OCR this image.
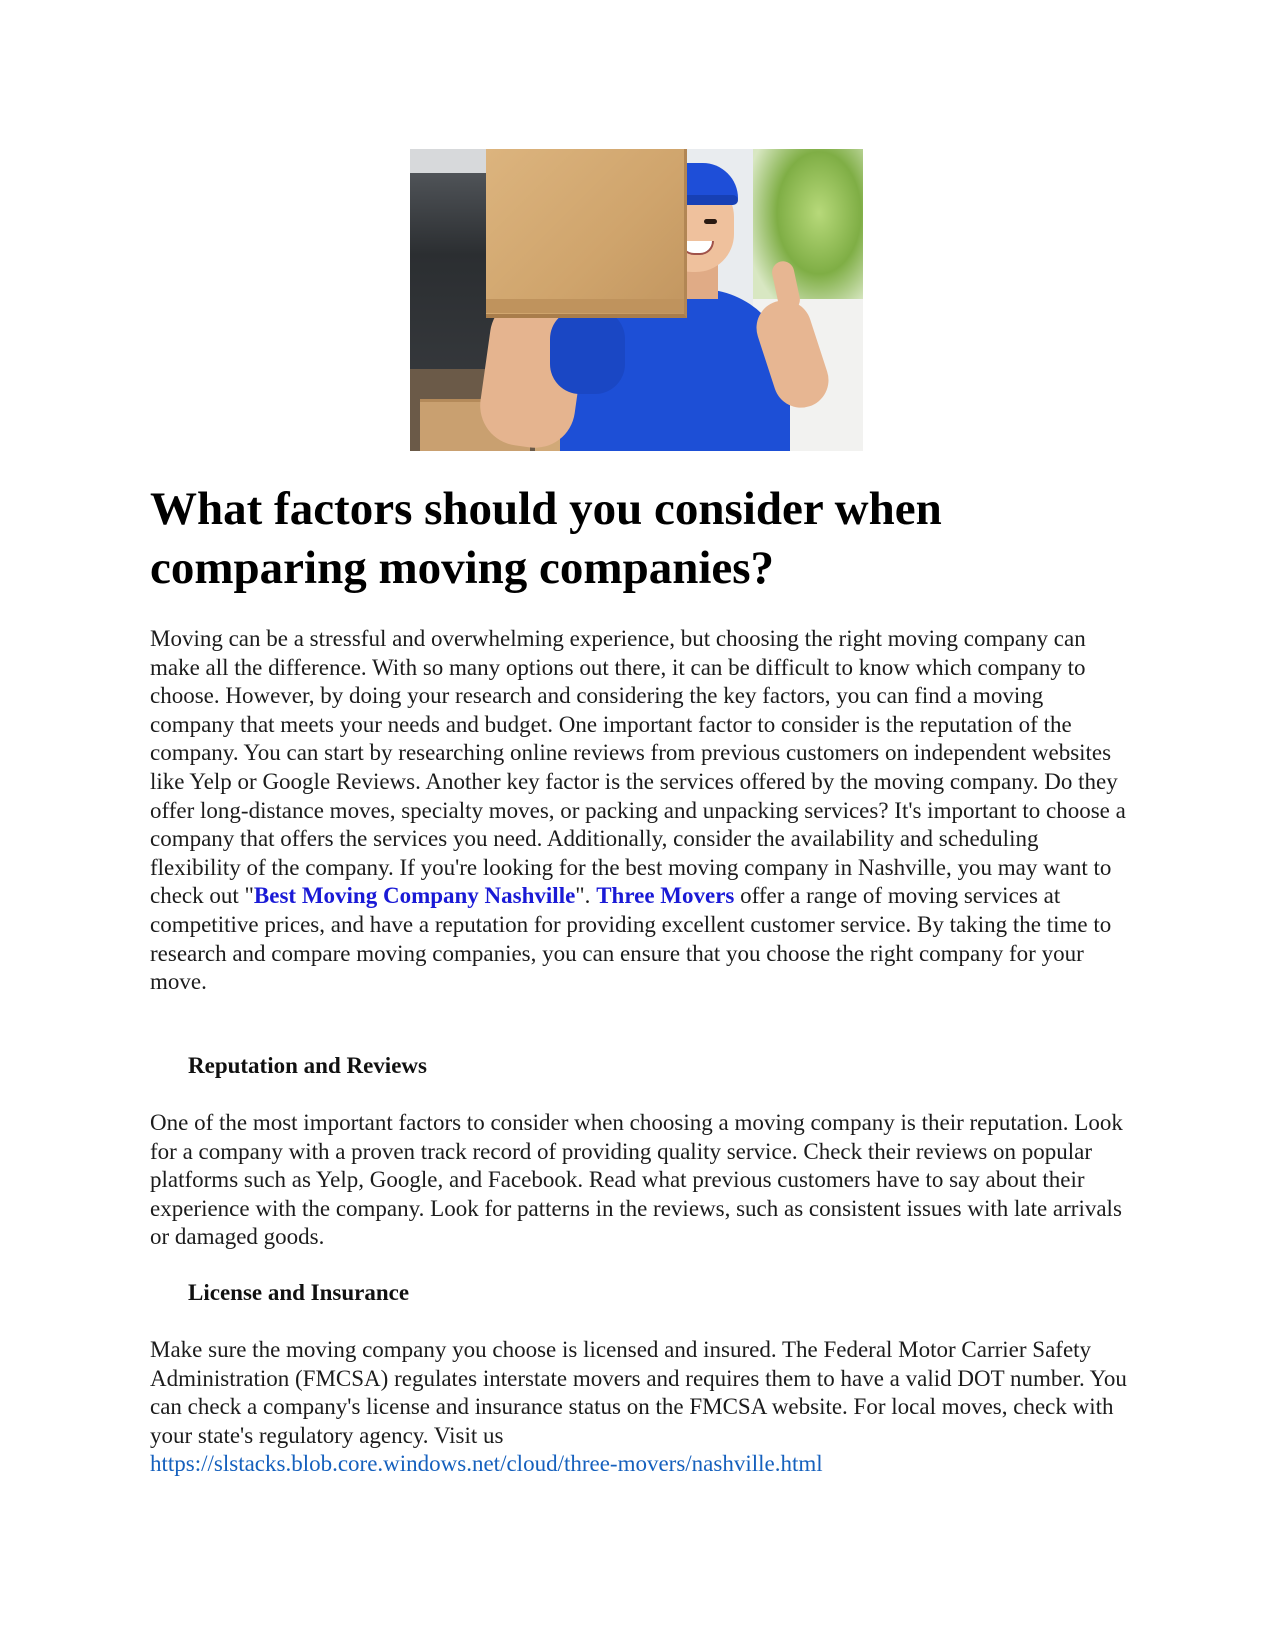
What factors should you consider when comparing moving companies?

Moving can be a stressful and overwhelming experience, but choosing the right moving company can make all the difference. With so many options out there, it can be difficult to know which company to choose. However, by doing your research and considering the key factors, you can find a moving company that meets your needs and budget. One important factor to consider is the reputation of the company. You can start by researching online reviews from previous customers on independent websites like Yelp or Google Reviews. Another key factor is the services offered by the moving company. Do they offer long-distance moves, specialty moves, or packing and unpacking services? It's important to choose a company that offers the services you need. Additionally, consider the availability and scheduling flexibility of the company. If you're looking for the best moving company in Nashville, you may want to check out "Best Moving Company Nashville". Three Movers offer a range of moving services at competitive prices, and have a reputation for providing excellent customer service. By taking the time to research and compare moving companies, you can ensure that you choose the right company for your move.

Reputation and Reviews

One of the most important factors to consider when choosing a moving company is their reputation. Look for a company with a proven track record of providing quality service. Check their reviews on popular platforms such as Yelp, Google, and Facebook. Read what previous customers have to say about their experience with the company. Look for patterns in the reviews, such as consistent issues with late arrivals or damaged goods.

License and Insurance

Make sure the moving company you choose is licensed and insured. The Federal Motor Carrier Safety Administration (FMCSA) regulates interstate movers and requires them to have a valid DOT number. You can check a company's license and insurance status on the FMCSA website. For local moves, check with your state's regulatory agency. Visit us
https://slstacks.blob.core.windows.net/cloud/three-movers/nashville.html
